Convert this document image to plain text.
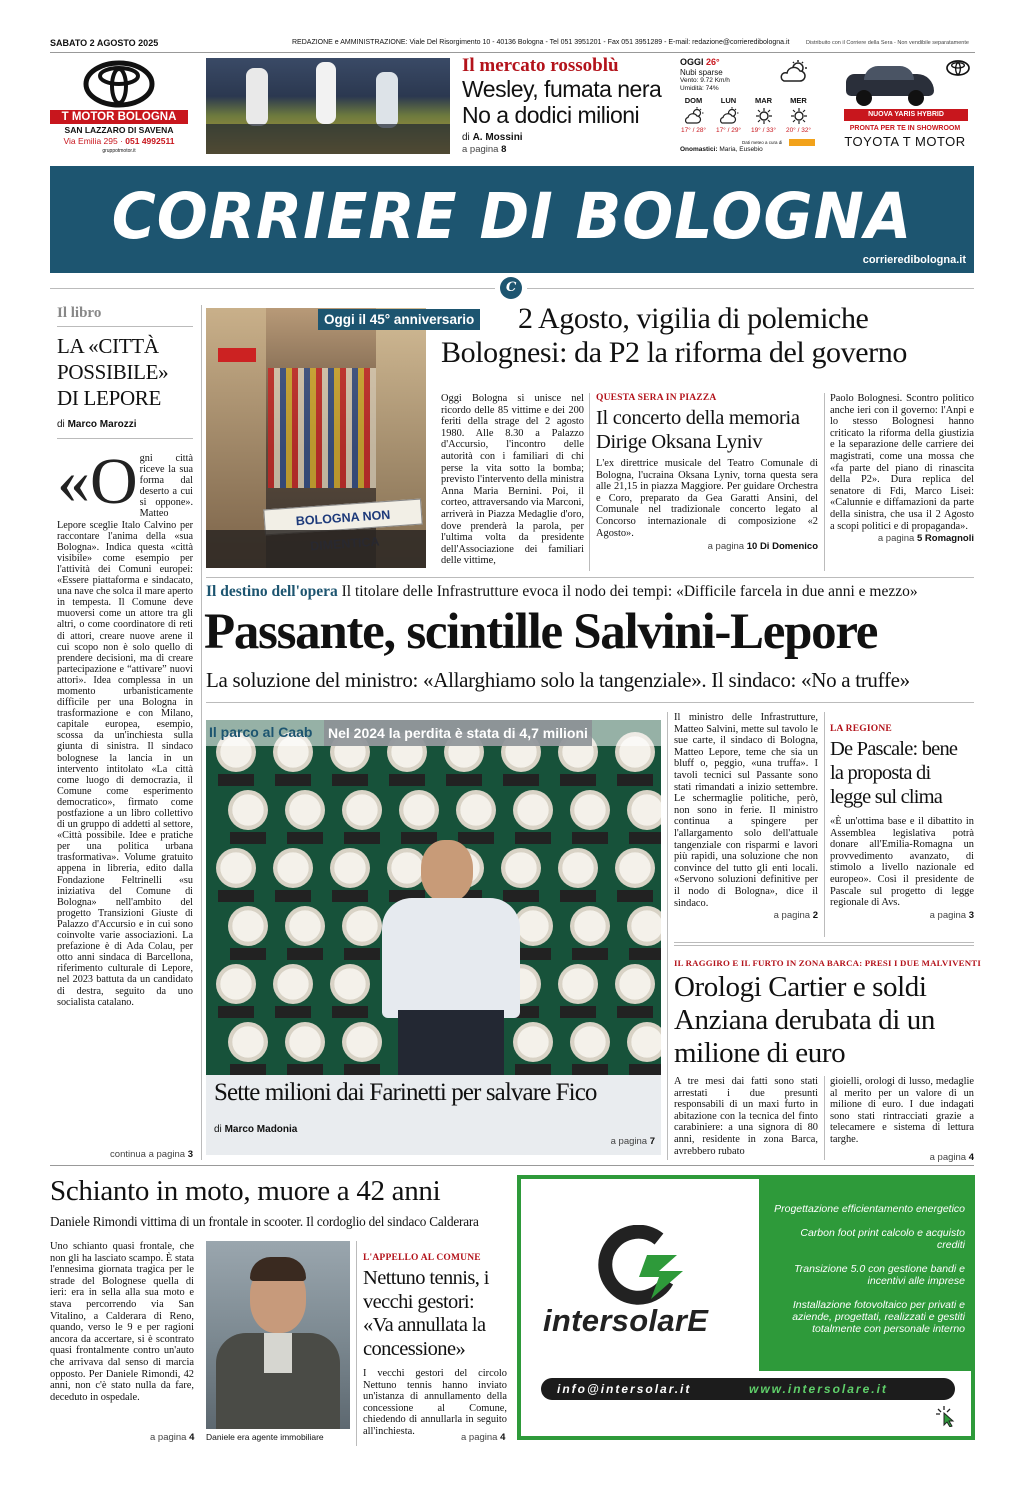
SABATO 2 AGOSTO 2025	REDAZIONE e AMMINISTRAZIONE: Viale Del Risorgimento 10 - 40136 Bologna - Tel 051 3951201 - Fax 051 3951289 - E-mail: redazione@corrieredibologna.it	Distribuito con il Corriere della Sera - Non vendibile separatamente
T MOTOR BOLOGNA
SAN LAZZARO DI SAVENA
Via Emilia 295 · 051 4992511
gruppotmotor.it
Il mercato rossoblù
Wesley, fumata nera
No a dodici milioni
di A. Mossini
a pagina 8
OGGI 26°
Nubi sparse
Vento: 9.72 Km/h
Umidità: 74%
DOM
17° / 28°
LUN
17° / 29°
MAR
19° / 33°
MER
20° / 32°
Dati meteo a cura di
Onomastici: Maria, Eusebio
NUOVA YARIS HYBRID
PRONTA PER TE IN SHOWROOM
TOYOTA T MOTOR
CORRIERE DI BOLOGNA
corrieredibologna.it
C
Il libro
LA «CITTÀ POSSIBILE» DI LEPORE
di Marco Marozzi
«O gni città riceve la sua forma dal deserto a cui si oppone». Matteo Lepore sceglie Italo Calvino per raccontare l'anima della «sua Bologna». Indica questa «città visibile» come esempio per l'attività dei Comuni europei: «Essere piattaforma e sindacato, una nave che solca il mare aperto in tempesta. Il Comune deve muoversi come un attore tra gli altri, o come coordinatore di reti di attori, creare nuove arene il cui scopo non è solo quello di prendere decisioni, ma di creare partecipazione e “attivare” nuovi attori». Idea complessa in un momento urbanisticamente difficile per una Bologna in trasformazione e con Milano, capitale europea, esempio, scossa da un'inchiesta sulla giunta di sinistra. Il sindaco bolognese la lancia in un intervento intitolato «La città come luogo di democrazia, il Comune come esperimento democratico», firmato come postfazione a un libro collettivo di un gruppo di addetti al settore, «Città possibile. Idee e pratiche per una politica urbana trasformativa». Volume gratuito appena in libreria, edito dalla Fondazione Feltrinelli «su iniziativa del Comune di Bologna» nell'ambito del progetto Transizioni Giuste di Palazzo d'Accursio e in cui sono coinvolte varie associazioni. La prefazione è di Ada Colau, per otto anni sindaca di Barcellona, riferimento culturale di Lepore, nel 2023 battuta da un candidato di destra, seguito da uno socialista catalano.
continua a pagina 3
BOLOGNA NON
Oggi il 45° anniversario 2 Agosto, vigilia di polemiche
Bolognesi: da P2 la riforma del governo
Oggi Bologna si unisce nel ricordo delle 85 vittime e dei 200 feriti della strage del 2 agosto 1980. Alle 8.30 a Palazzo d'Accursio, l'incontro delle autorità con i familiari di chi perse la vita sotto la bomba; previsto l'intervento della ministra Anna Maria Bernini. Poi, il corteo, attraversando via Marconi, arriverà in Piazza Medaglie d'oro, dove prenderà la parola, per l'ultima volta da presidente dell'Associazione dei familiari delle vittime,
QUESTA SERA IN PIAZZA
Il concerto della memoria Dirige Oksana Lyniv
L'ex direttrice musicale del Teatro Comunale di Bologna, l'ucraina Oksana Lyniv, torna questa sera alle 21,15 in piazza Maggiore. Per guidare Orchestra e Coro, preparato da Gea Garatti Ansini, del Comunale nel tradizionale concerto legato al Concorso internazionale di composizione «2 Agosto».
a pagina 10 Di Domenico
Paolo Bolognesi. Scontro politico anche ieri con il governo: l'Anpi e lo stesso Bolognesi hanno criticato la riforma della giustizia e la separazione delle carriere dei magistrati, come una mossa che «fa parte del piano di rinascita della P2». Dura replica del senatore di Fdi, Marco Lisei: «Calunnie e diffamazioni da parte della sinistra, che usa il 2 Agosto a scopi politici e di propaganda».
a pagina 5 Romagnoli
Il destino dell'opera Il titolare delle Infrastrutture evoca il nodo dei tempi: «Difficile farcela in due anni e mezzo»
Passante, scintille Salvini-Lepore
La soluzione del ministro: «Allarghiamo solo la tangenziale». Il sindaco: «No a truffe»
Il parco al Caab Nel 2024 la perdita è stata di 4,7 milioni
Sette milioni dai Farinetti per salvare Fico
di Marco Madonia
a pagina 7
Il ministro delle Infrastrutture, Matteo Salvini, mette sul tavolo le sue carte, il sindaco di Bologna, Matteo Lepore, teme che sia un bluff o, peggio, «una truffa». I tavoli tecnici sul Passante sono stati rimandati a inizio settembre. Le schermaglie politiche, però, non sono in ferie. Il ministro continua a spingere per l'allargamento solo dell'attuale tangenziale con risparmi e lavori più rapidi, una soluzione che non convince del tutto gli enti locali. «Servono soluzioni definitive per il nodo di Bologna», dice il sindaco.
a pagina 2
LA REGIONE
De Pascale: bene la proposta di legge sul clima
«È un'ottima base e il dibattito in Assemblea legislativa potrà donare all'Emilia-Romagna un provvedimento avanzato, di stimolo a livello nazionale ed europeo». Così il presidente de Pascale sul progetto di legge regionale di Avs.
a pagina 3
IL RAGGIRO E IL FURTO IN ZONA BARCA: PRESI I DUE MALVIVENTI
Orologi Cartier e soldi Anziana derubata di un milione di euro
A tre mesi dai fatti sono stati arrestati i due presunti responsabili di un maxi furto in abitazione con la tecnica del finto carabiniere: a una signora di 80 anni, residente in zona Barca, avrebbero rubato
gioielli, orologi di lusso, medaglie al merito per un valore di un milione di euro. I due indagati sono stati rintracciati grazie a telecamere e sistema di lettura targhe.
a pagina 4
Schianto in moto, muore a 42 anni
Daniele Rimondi vittima di un frontale in scooter. Il cordoglio del sindaco Calderara
Uno schianto quasi frontale, che non gli ha lasciato scampo. È stata l'ennesima giornata tragica per le strade del Bolognese quella di ieri: era in sella alla sua moto e stava percorrendo via San Vitalino, a Calderara di Reno, quando, verso le 9 e per ragioni ancora da accertare, si è scontrato quasi frontalmente contro un'auto che arrivava dal senso di marcia opposto. Per Daniele Rimondi, 42 anni, non c'è stato nulla da fare, deceduto in ospedale.
a pagina 4 Daniele era agente immobiliare
L'APPELLO AL COMUNE
Nettuno tennis, i vecchi gestori: «Va annullata la concessione»
I vecchi gestori del circolo Nettuno tennis hanno inviato un'istanza di annullamento della concessione al Comune, chiedendo di annullarla in seguito all'inchiesta.
a pagina 4
intersolarE
Progettazione efficientamento energetico
Carbon foot print calcolo e acquisto crediti
Transizione 5.0 con gestione bandi e incentivi alle imprese
Installazione fotovoltaico per privati e aziende, progettati, realizzati e gestiti totalmente con personale interno
info@intersolar.it	www.intersolare.it
